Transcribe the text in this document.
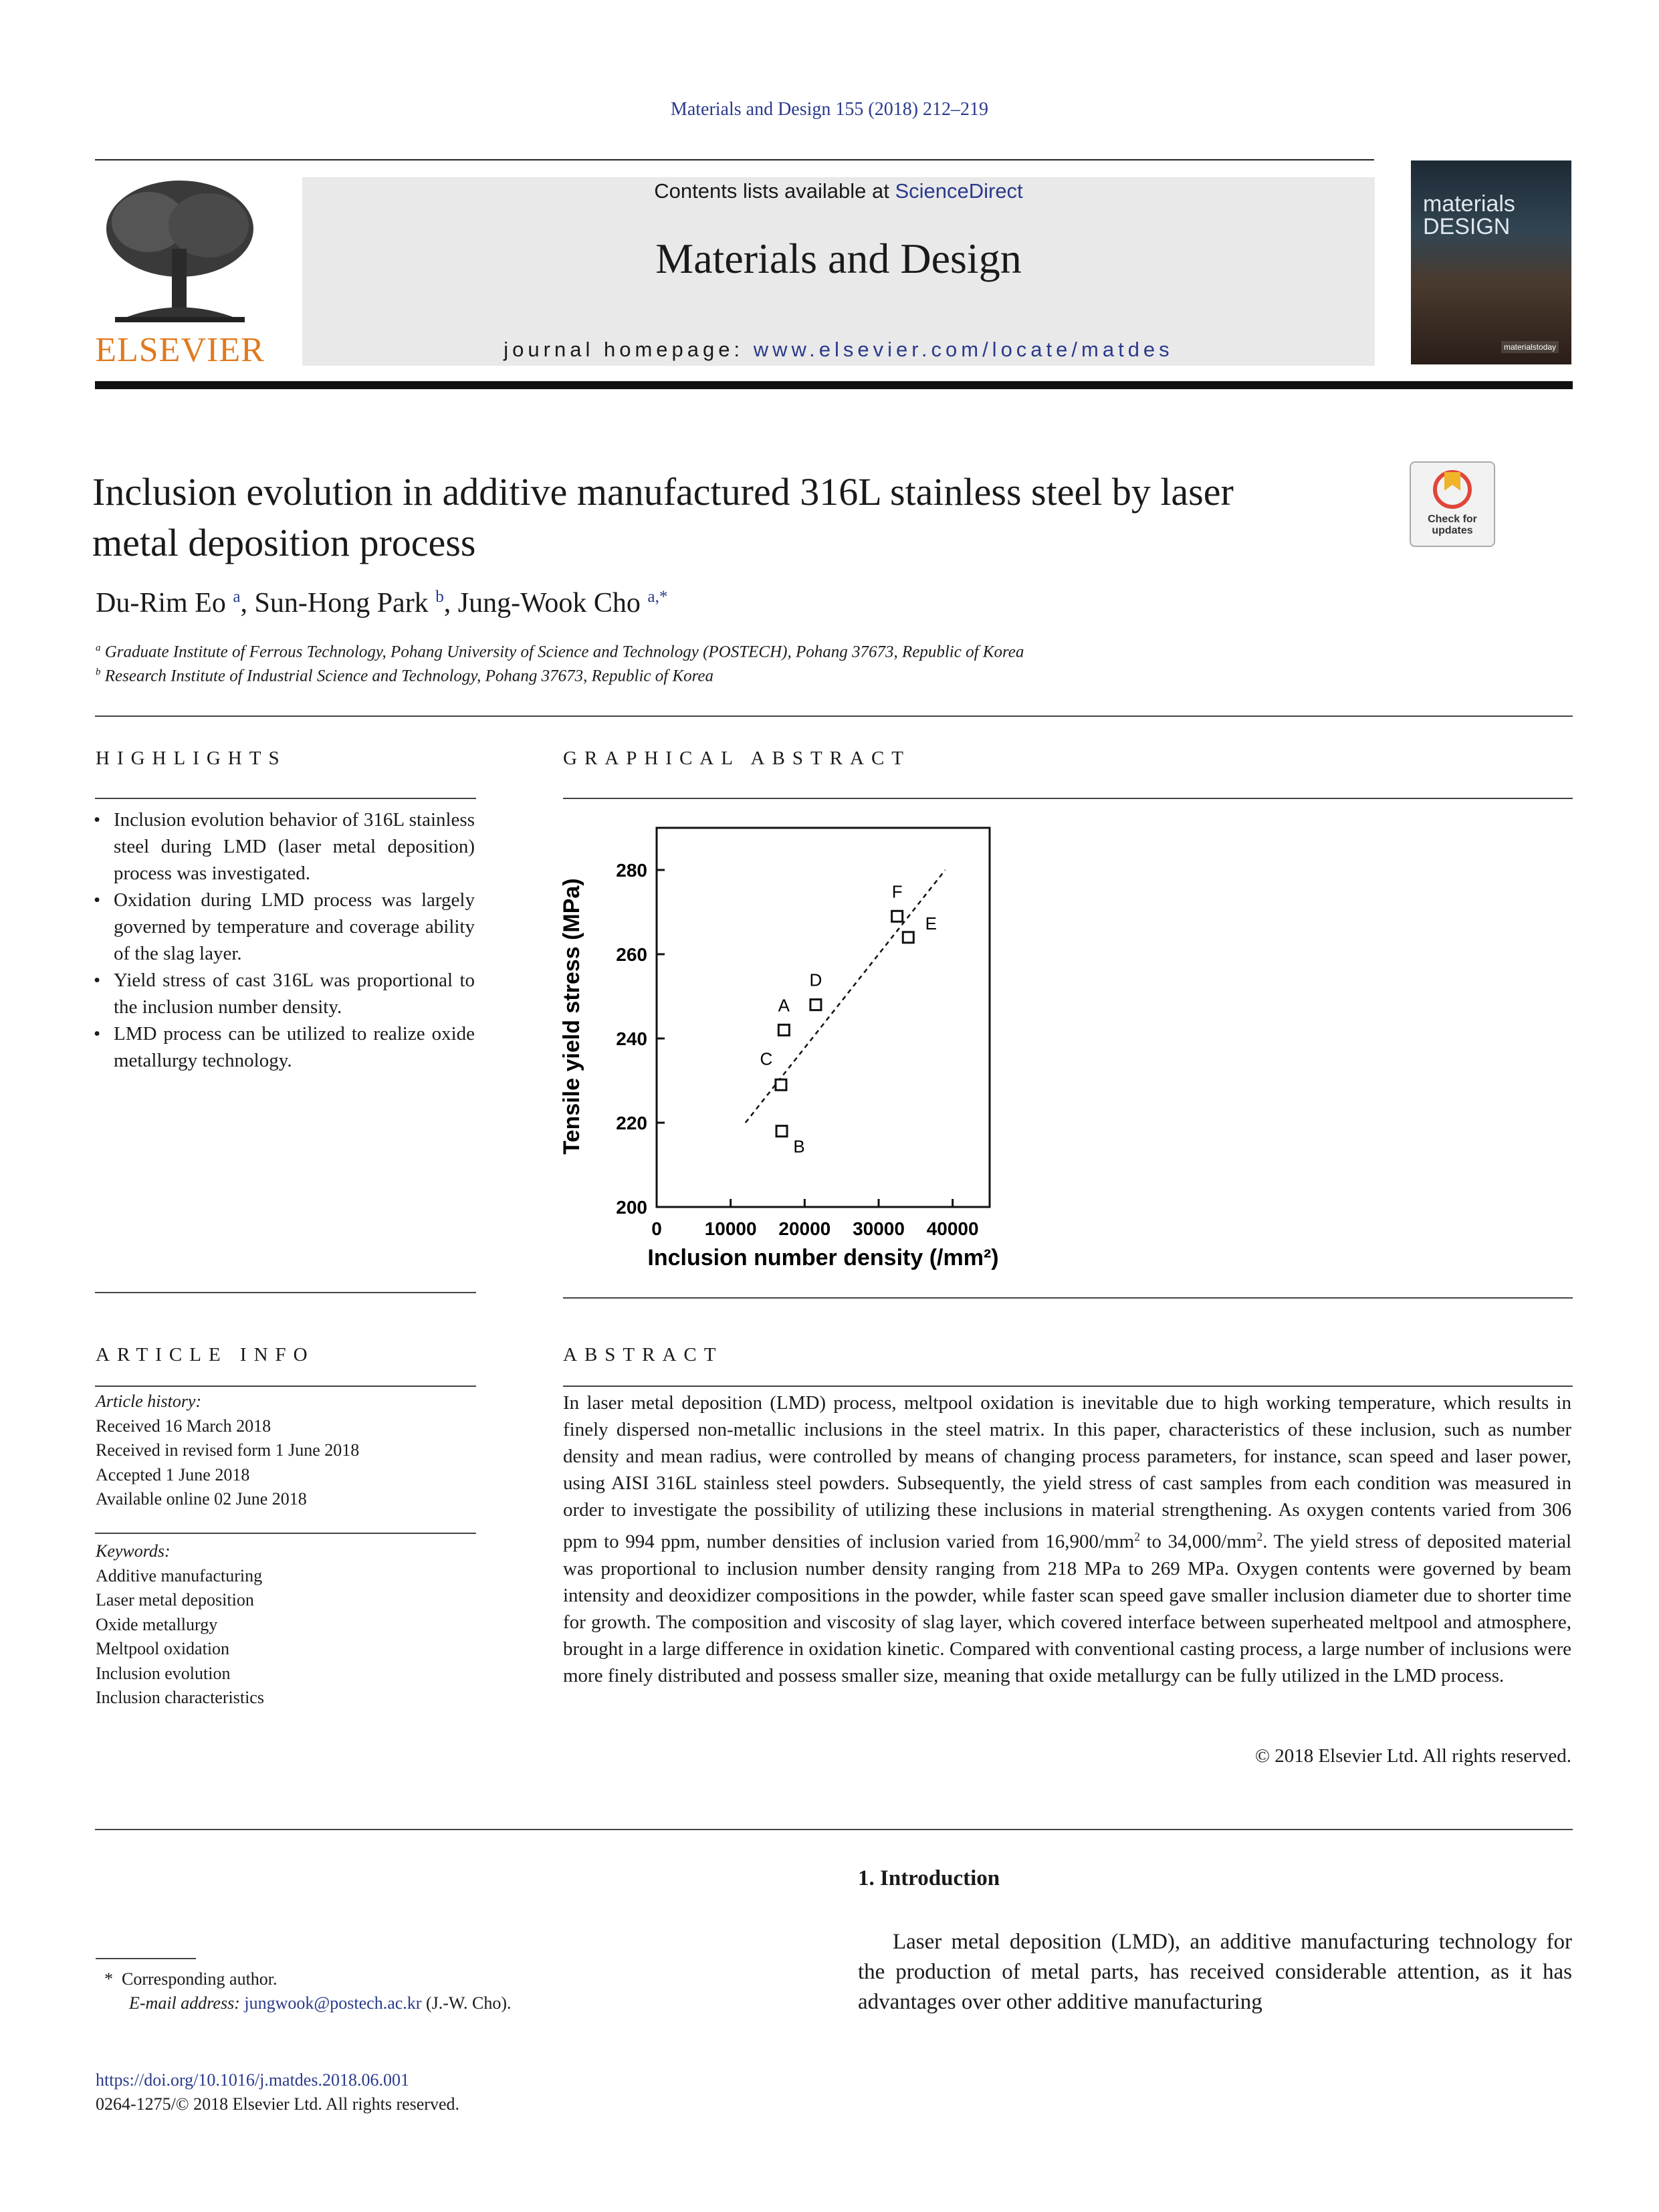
Materials and Design 155 (2018) 212–219
ELSEVIER
Contents lists available at ScienceDirect
Materials and Design
journal homepage: www.elsevier.com/locate/matdes
materials
DESIGN
materialstoday
Inclusion evolution in additive manufactured 316L stainless steel by laser
metal deposition process
Check for updates
Du-Rim Eo $^a$, Sun-Hong Park $^b$, Jung-Wook Cho $^{a,*}$
$^a$ Graduate Institute of Ferrous Technology, Pohang University of Science and Technology (POSTECH), Pohang 37673, Republic of Korea
$^b$ Research Institute of Industrial Science and Technology, Pohang 37673, Republic of Korea
HIGHLIGHTS
• Inclusion evolution behavior of 316L stainless steel during LMD (laser metal deposition) process was investigated.
• Oxidation during LMD process was largely governed by temperature and coverage ability of the slag layer.
• Yield stress of cast 316L was proportional to the inclusion number density.
• LMD process can be utilized to realize oxide metallurgy technology.
GRAPHICAL ABSTRACT
200
220
240
260
280
0 10000 20000 30000 40000
A
B
C
D
E
F
Tensile yield stress (MPa)
Inclusion number density (/mm²)
ARTICLE INFO
Article history:
Received 16 March 2018
Received in revised form 1 June 2018
Accepted 1 June 2018
Available online 02 June 2018
Keywords:
Additive manufacturing
Laser metal deposition
Oxide metallurgy
Meltpool oxidation
Inclusion evolution
Inclusion characteristics
ABSTRACT
In laser metal deposition (LMD) process, meltpool oxidation is inevitable due to high working temperature, which results in finely dispersed non-metallic inclusions in the steel matrix. In this paper, characteristics of these inclusion, such as number density and mean radius, were controlled by means of changing process parameters, for instance, scan speed and laser power, using AISI 316L stainless steel powders. Subsequently, the yield stress of cast samples from each condition was measured in order to investigate the possibility of utilizing these inclusions in material strengthening. As oxygen contents varied from 306 ppm to 994 ppm, number densities of inclusion varied from $16,900/mm^2$ to $34,000/mm^2$. The yield stress of deposited material was proportional to inclusion number density ranging from 218 MPa to 269 MPa. Oxygen contents were governed by beam intensity and deoxidizer compositions in the powder, while faster scan speed gave smaller inclusion diameter due to shorter time for growth. The composition and viscosity of slag layer, which covered interface between superheated meltpool and atmosphere, brought in a large difference in oxidation kinetic. Compared with conventional casting process, a large number of inclusions were more finely distributed and possess smaller size, meaning that oxide metallurgy can be fully utilized in the LMD process.
© 2018 Elsevier Ltd. All rights reserved.
1. Introduction
Laser metal deposition (LMD), an additive manufacturing technology for the production of metal parts, has received considerable attention, as it has advantages over other additive manufacturing
* Corresponding author.
E-mail address: jungwook@postech.ac.kr (J.-W. Cho).
https://doi.org/10.1016/j.matdes.2018.06.001
0264-1275/© 2018 Elsevier Ltd. All rights reserved.
